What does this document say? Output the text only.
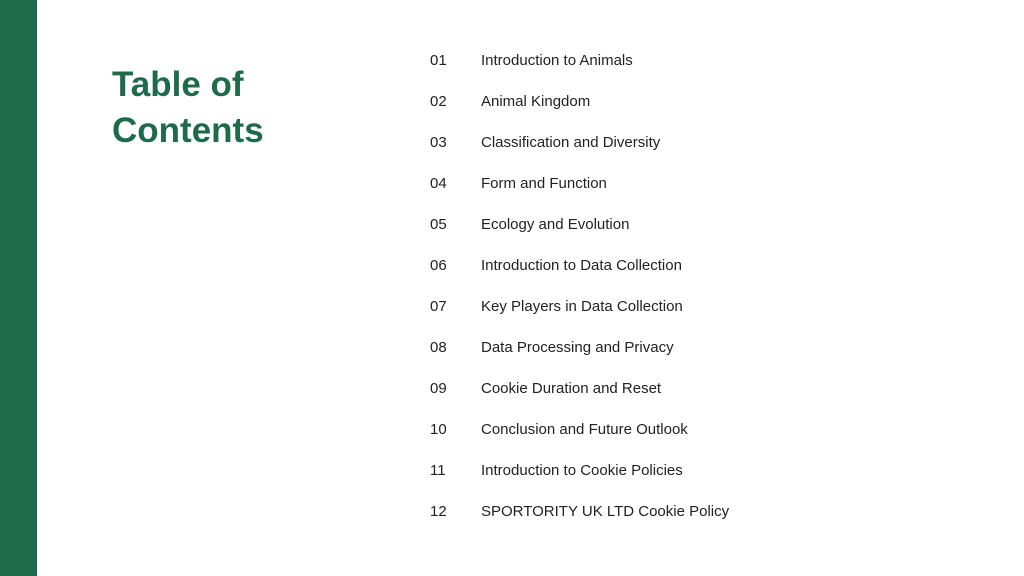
Table of Contents
01	Introduction to Animals
02	Animal Kingdom
03	Classification and Diversity
04	Form and Function
05	Ecology and Evolution
06	Introduction to Data Collection
07	Key Players in Data Collection
08	Data Processing and Privacy
09	Cookie Duration and Reset
10	Conclusion and Future Outlook
11	Introduction to Cookie Policies
12	SPORTORITY UK LTD Cookie Policy
